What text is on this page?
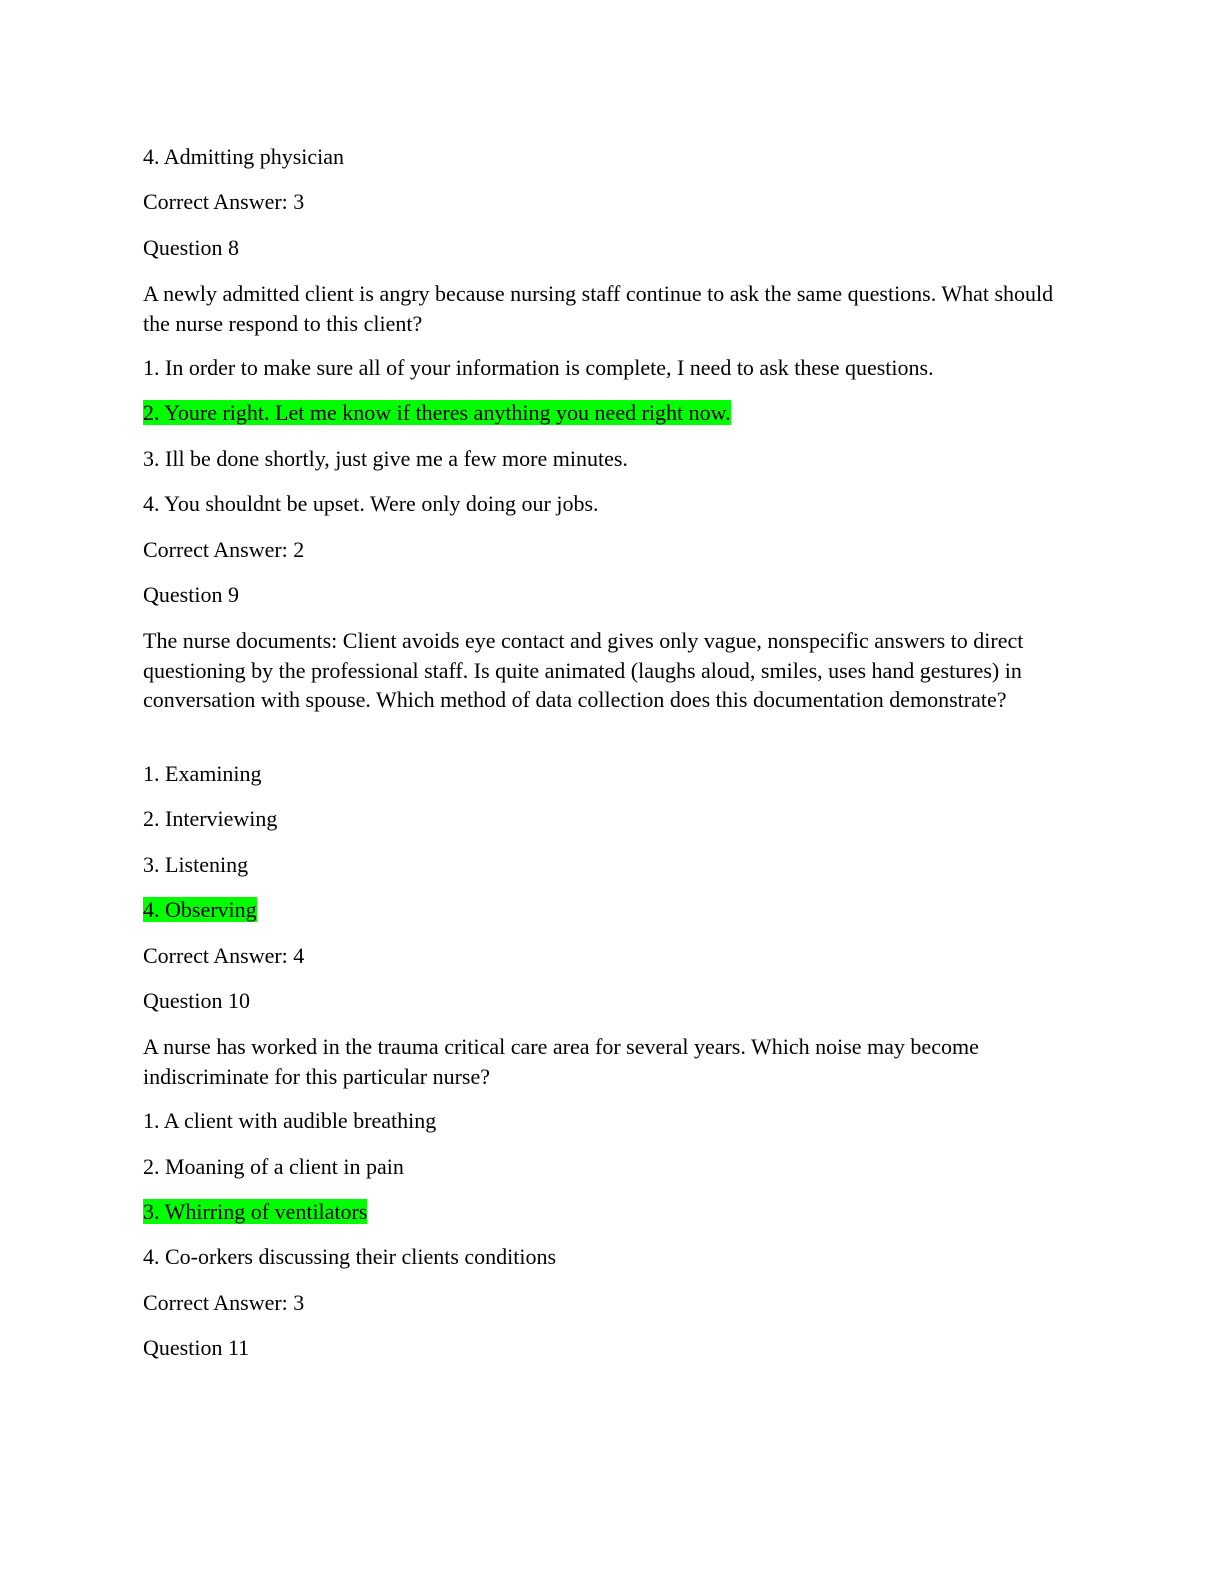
4. Admitting physician

Correct Answer: 3

Question 8

A newly admitted client is angry because nursing staff continue to ask the same questions. What should the nurse respond to this client?

1. In order to make sure all of your information is complete, I need to ask these questions.

2. Youre right. Let me know if theres anything you need right now.

3. Ill be done shortly, just give me a few more minutes.

4. You shouldnt be upset. Were only doing our jobs.

Correct Answer: 2

Question 9

The nurse documents: Client avoids eye contact and gives only vague, nonspecific answers to direct questioning by the professional staff. Is quite animated (laughs aloud, smiles, uses hand gestures) in conversation with spouse. Which method of data collection does this documentation demonstrate?

1. Examining

2. Interviewing

3. Listening

4. Observing

Correct Answer: 4

Question 10

A nurse has worked in the trauma critical care area for several years. Which noise may become indiscriminate for this particular nurse?

1. A client with audible breathing

2. Moaning of a client in pain

3. Whirring of ventilators

4. Co-orkers discussing their clients conditions

Correct Answer: 3

Question 11
